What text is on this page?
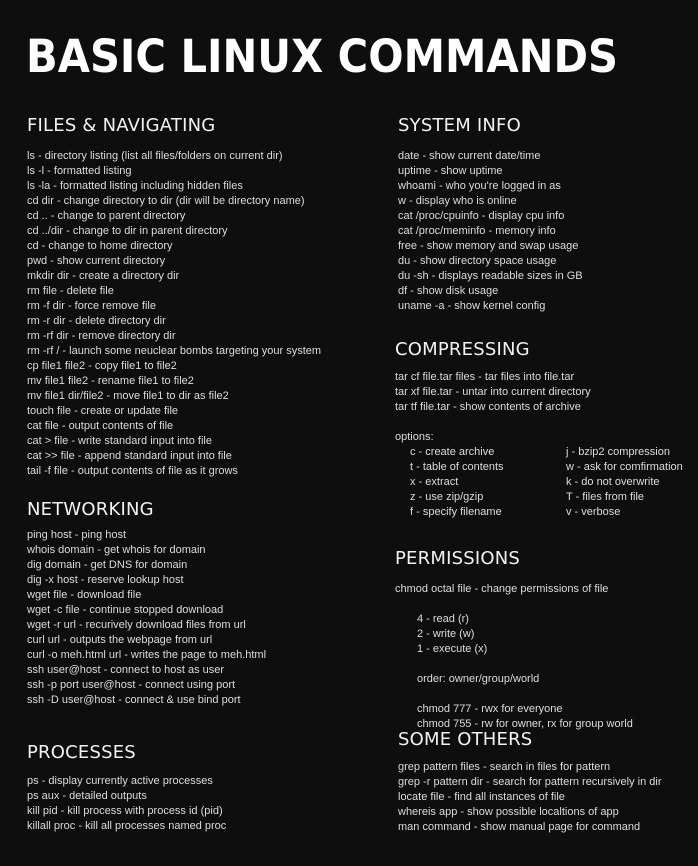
BASIC LINUX COMMANDS
FILES & NAVIGATING
ls - directory listing (list all files/folders on current dir)
ls -l - formatted listing
ls -la - formatted listing including hidden files
cd dir - change directory to dir (dir will be directory name)
cd .. - change to parent directory
cd ../dir - change to dir in parent directory
cd - change to home directory
pwd - show current directory
mkdir dir - create a directory dir
rm file - delete file
rm -f dir - force remove file
rm -r dir - delete directory dir
rm -rf dir - remove directory dir
rm -rf / - launch some neuclear bombs targeting your system
cp file1 file2 - copy file1 to file2
mv file1 file2 - rename file1 to file2
mv file1 dir/file2 - move file1 to dir as file2
touch file - create or update file
cat file - output contents of file
cat > file - write standard input into file
cat >> file - append standard input into file
tail -f file - output contents of file as it grows
NETWORKING
ping host - ping host
whois domain - get whois for domain
dig domain - get DNS for domain
dig -x host - reserve lookup host
wget file - download file
wget -c file - continue stopped download
wget -r url - recurively download files from url
curl url - outputs the webpage from url
curl -o meh.html url - writes the page to meh.html
ssh user@host - connect to host as user
ssh -p port user@host - connect using port
ssh -D user@host - connect & use bind port
PROCESSES
ps - display currently active processes
ps aux - detailed outputs
kill pid - kill process with process id (pid)
killall proc - kill all processes named proc
SYSTEM INFO
date - show current date/time
uptime - show uptime
whoami - who you're logged in as
w - display who is online
cat /proc/cpuinfo - display cpu info
cat /proc/meminfo - memory info
free - show memory and swap usage
du - show directory space usage
du -sh - displays readable sizes in GB
df - show disk usage
uname -a - show kernel config
COMPRESSING
tar cf file.tar files - tar files into file.tar
tar xf file.tar - untar into current directory
tar tf file.tar - show contents of archive
options:
c - create archive
t - table of contents
x - extract
z - use zip/gzip
f - specify filename
j - bzip2 compression
w - ask for comfirmation
k - do not overwrite
T - files from file
v - verbose
PERMISSIONS
chmod octal file - change permissions of file
4 - read (r)
2 - write (w)
1 - execute (x)
order: owner/group/world
chmod 777 - rwx for everyone
chmod 755 - rw for owner, rx for group world
SOME OTHERS
grep pattern files - search in files for pattern
grep -r pattern dir - search for pattern recursively in dir
locate file - find all instances of file
whereis app - show possible localtions of app
man command - show manual page for command
